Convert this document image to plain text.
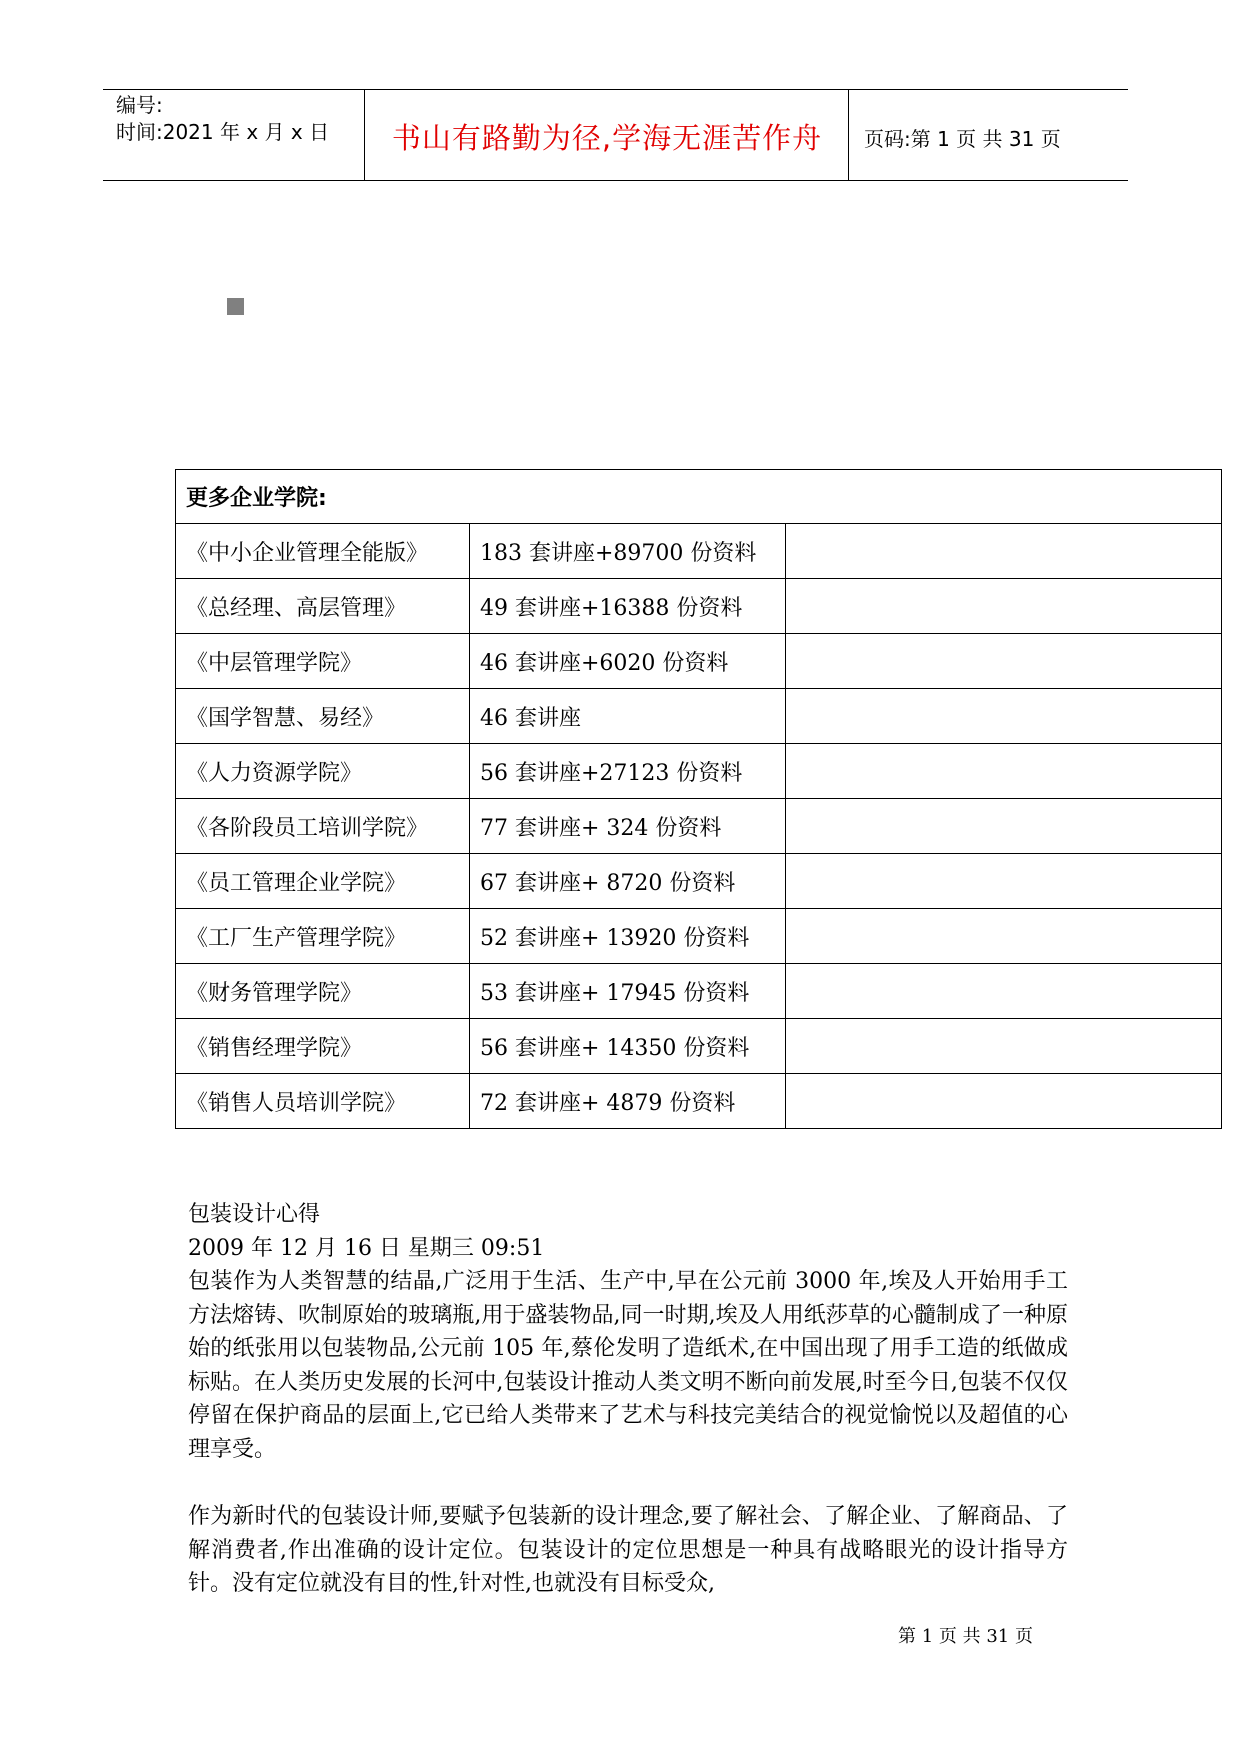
编号:
时间:2021 年 x 月 x 日	书山有路勤为径,学海无涯苦作舟	页码:第 1 页 共 31 页
更多企业学院:		
《中小企业管理全能版》	183 套讲座+89700 份资料	
《总经理、高层管理》	49 套讲座+16388 份资料	
《中层管理学院》	46 套讲座+6020 份资料	
《国学智慧、易经》	46 套讲座	
《人力资源学院》	56 套讲座+27123 份资料	
《各阶段员工培训学院》	77 套讲座+ 324 份资料	
《员工管理企业学院》	67 套讲座+ 8720 份资料	
《工厂生产管理学院》	52 套讲座+ 13920 份资料	
《财务管理学院》	53 套讲座+ 17945 份资料	
《销售经理学院》	56 套讲座+ 14350 份资料	
《销售人员培训学院》	72 套讲座+ 4879 份资料	

包装设计心得

2009 年 12 月 16 日 星期三 09:51

包装作为人类智慧的结晶,广泛用于生活、生产中,早在公元前 3000 年,埃及人开始用手工方法熔铸、吹制原始的玻璃瓶,用于盛装物品,同一时期,埃及人用纸莎草的心髓制成了一种原始的纸张用以包装物品,公元前 105 年,蔡伦发明了造纸术,在中国出现了用手工造的纸做成标贴。在人类历史发展的长河中,包装设计推动人类文明不断向前发展,时至今日,包装不仅仅停留在保护商品的层面上,它已给人类带来了艺术与科技完美结合的视觉愉悦以及超值的心理享受。

作为新时代的包装设计师,要赋予包装新的设计理念,要了解社会、了解企业、了解商品、了解消费者,作出准确的设计定位。包装设计的定位思想是一种具有战略眼光的设计指导方针。没有定位就没有目的性,针对性,也就没有目标受众,

第 1 页 共 31 页
